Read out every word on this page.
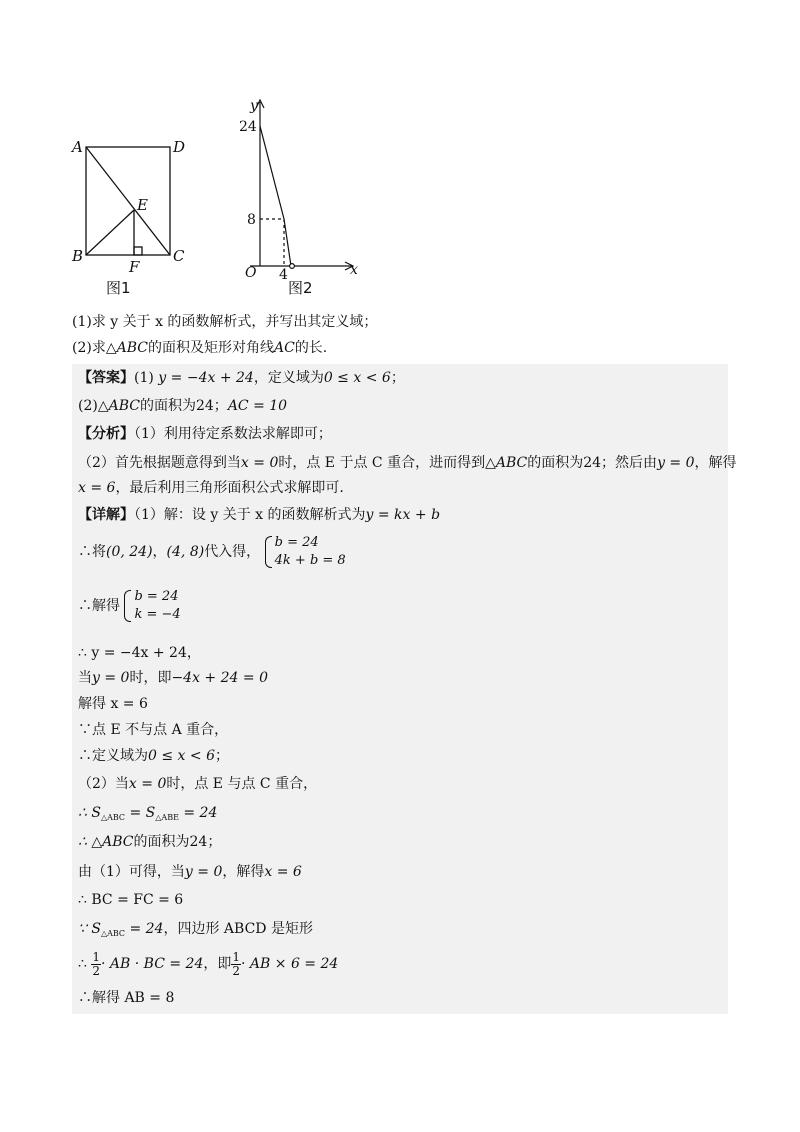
A	D
B	C
E
F
图1
y
x
O
24
8
4
图2
(1)求 y 关于 x 的函数解析式，并写出其定义域；
(2)求△ABC的面积及矩形对角线AC的长.
【答案】(1) y = −4x + 24，定义域为0 ≤ x < 6；
(2)△ABC的面积为24；AC = 10
【分析】（1）利用待定系数法求解即可；
（2）首先根据题意得到当x = 0时，点 E 于点 C 重合，进而得到△ABC的面积为24；然后由y = 0，解得
x = 6，最后利用三角形面积公式求解即可.
【详解】（1）解：设 y 关于 x 的函数解析式为y = kx + b
∴将(0, 24)，(4, 8)代入得，
b = 24
4k + b = 8
∴解得
b = 24
k = −4
∴ y = −4x + 24，
当y = 0时，即−4x + 24 = 0
解得 x = 6
∵点 E 不与点 A 重合，
∴定义域为0 ≤ x < 6；
（2）当x = 0时，点 E 与点 C 重合，
∴ $S_{\triangle ABC} = S_{\triangle ABE} = 24$
∴ △ABC的面积为24；
由（1）可得，当y = 0，解得x = 6
∴ BC = FC = 6
∵ $S_{\triangle ABC} = 24$，四边形 ABCD 是矩形
∴ $\frac{1}{2}$ · AB · BC = 24，即 $\frac{1}{2}$ · AB × 6 = 24
∴解得 AB = 8
